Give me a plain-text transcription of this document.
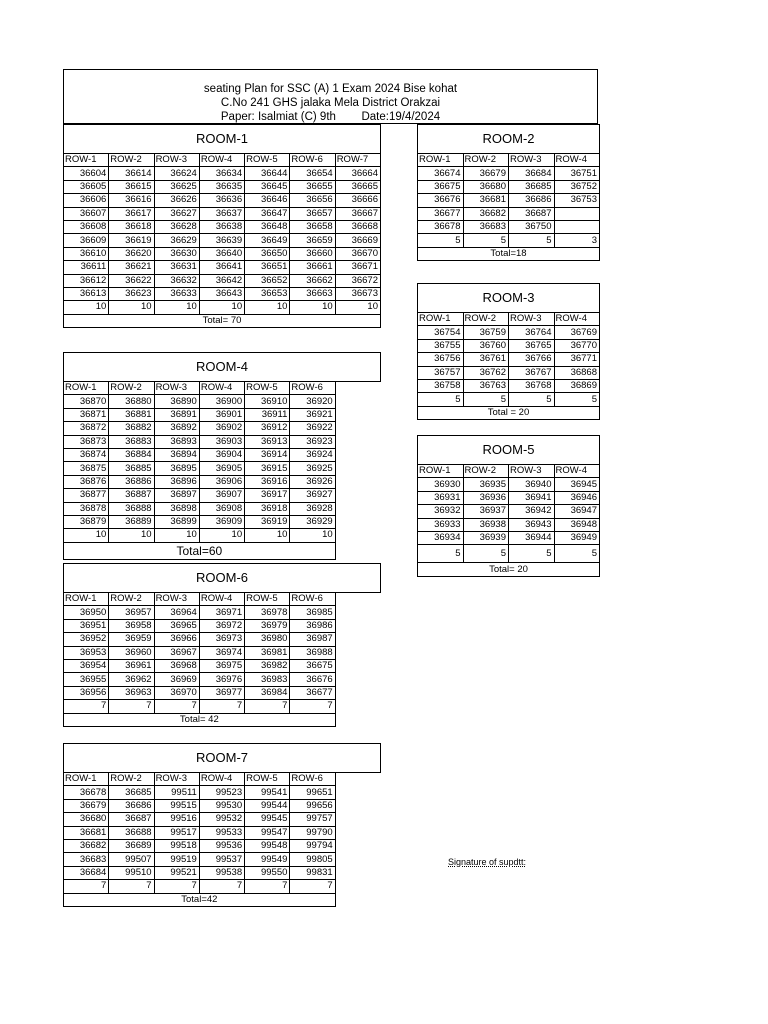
seating Plan for SSC (A) 1 Exam 2024 Bise kohat
C.No 241 GHS jalaka Mela District Orakzai
Paper: Isalmiat (C) 9th        Date:19/4/2024
ROOM-1						
ROW-1	ROW-2	ROW-3	ROW-4	ROW-5	ROW-6	ROW-7
36604	36614	36624	36634	36644	36654	36664
36605	36615	36625	36635	36645	36655	36665
36606	36616	36626	36636	36646	36656	36666
36607	36617	36627	36637	36647	36657	36667
36608	36618	36628	36638	36648	36658	36668
36609	36619	36629	36639	36649	36659	36669
36610	36620	36630	36640	36650	36660	36670
36611	36621	36631	36641	36651	36661	36671
36612	36622	36632	36642	36652	36662	36672
36613	36623	36633	36643	36653	36663	36673
10	10	10	10	10	10	10
Total= 70						
ROOM-2			
ROW-1	ROW-2	ROW-3	ROW-4
36674	36679	36684	36751
36675	36680	36685	36752
36676	36681	36686	36753
36677	36682	36687	
36678	36683	36750	
5	5	5	3
Total=18			
ROOM-3			
ROW-1	ROW-2	ROW-3	ROW-4
36754	36759	36764	36769
36755	36760	36765	36770
36756	36761	36766	36771
36757	36762	36767	36868
36758	36763	36768	36869
5	5	5	5
Total = 20			
ROOM-4					
ROW-1	ROW-2	ROW-3	ROW-4	ROW-5	ROW-6
36870	36880	36890	36900	36910	36920
36871	36881	36891	36901	36911	36921
36872	36882	36892	36902	36912	36922
36873	36883	36893	36903	36913	36923
36874	36884	36894	36904	36914	36924
36875	36885	36895	36905	36915	36925
36876	36886	36896	36906	36916	36926
36877	36887	36897	36907	36917	36927
36878	36888	36898	36908	36918	36928
36879	36889	36899	36909	36919	36929
10	10	10	10	10	10
Total=60					
ROOM-5			
ROW-1	ROW-2	ROW-3	ROW-4
36930	36935	36940	36945
36931	36936	36941	36946
36932	36937	36942	36947
36933	36938	36943	36948
36934	36939	36944	36949
5	5	5	5
Total= 20			
ROOM-6					
ROW-1	ROW-2	ROW-3	ROW-4	ROW-5	ROW-6
36950	36957	36964	36971	36978	36985
36951	36958	36965	36972	36979	36986
36952	36959	36966	36973	36980	36987
36953	36960	36967	36974	36981	36988
36954	36961	36968	36975	36982	36675
36955	36962	36969	36976	36983	36676
36956	36963	36970	36977	36984	36677
7	7	7	7	7	7
Total= 42					
ROOM-7					
ROW-1	ROW-2	ROW-3	ROW-4	ROW-5	ROW-6
36678	36685	99511	99523	99541	99651
36679	36686	99515	99530	99544	99656
36680	36687	99516	99532	99545	99757
36681	36688	99517	99533	99547	99790
36682	36689	99518	99536	99548	99794
36683	99507	99519	99537	99549	99805
36684	99510	99521	99538	99550	99831
7	7	7	7	7	7
Total=42					
Signature of supdtt:
